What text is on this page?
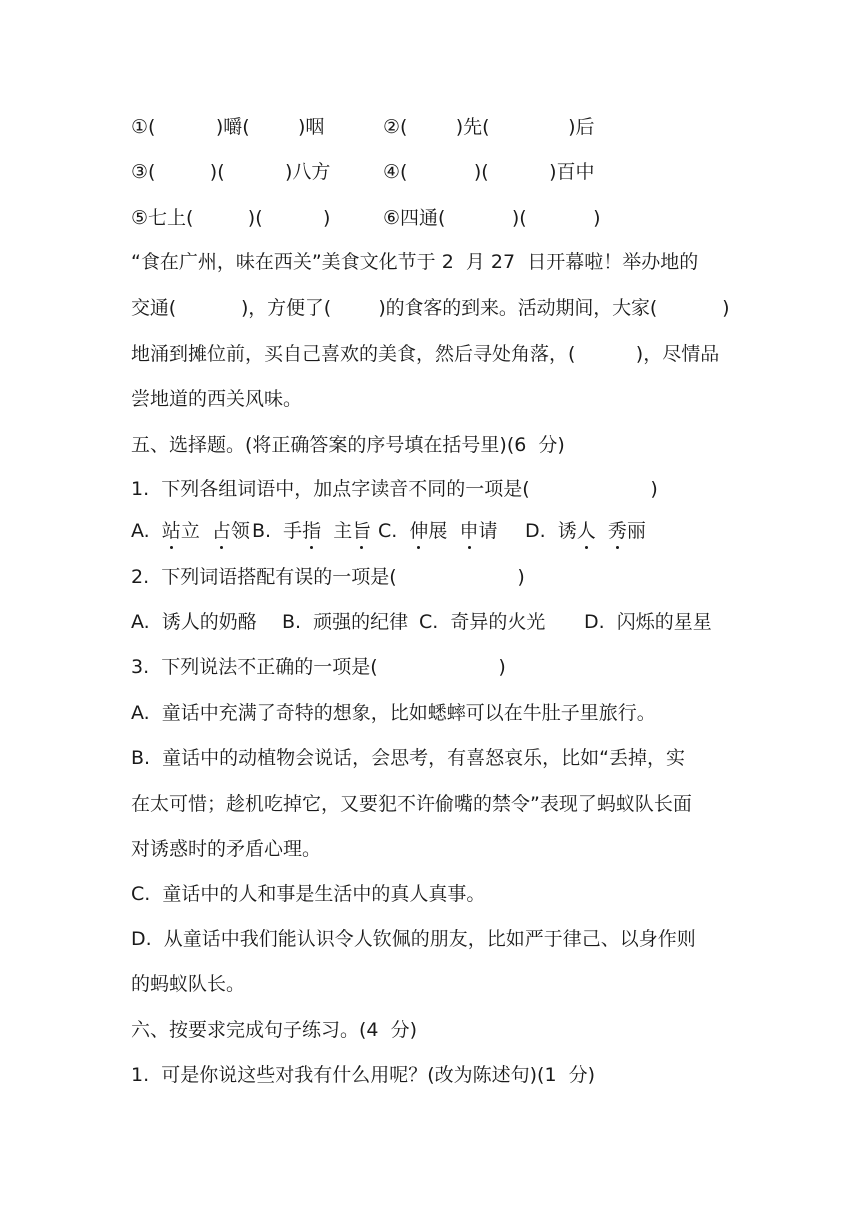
①(          )嚼(        )咽	②(        )先(             )后
③(         )(          )八方	④(           )(          )百中
⑤七上(         )(          )	⑥四通(           )(           )
“食在广州，味在西关”美食文化节于 2  月 27  日开幕啦！举办地的
交通(           )，方便了(        )的食客的到来。活动期间，大家(           )
地涌到摊位前，买自己喜欢的美食，然后寻处角落，(          )，尽情品
尝地道的西关风味。
五、选择题。(将正确答案的序号填在括号里)(6  分)
1.  下列各组词语中，加点字读音不同的一项是(                    )
A.  站立  占领 B.  手指  主旨 C.  伸展  申请 D.  诱人 秀丽
2.  下列词语搭配有误的一项是(                    )
A.  诱人的奶酪 B.  顽强的纪律 C.  奇异的火光 D.  闪烁的星星
3.  下列说法不正确的一项是(                    )
A.  童话中充满了奇特的想象，比如蟋蟀可以在牛肚子里旅行。
B.  童话中的动植物会说话，会思考，有喜怒哀乐，比如“丢掉，实
在太可惜；趁机吃掉它，又要犯不许偷嘴的禁令”表现了蚂蚁队长面
对诱惑时的矛盾心理。
C.  童话中的人和事是生活中的真人真事。
D.  从童话中我们能认识令人钦佩的朋友，比如严于律己、以身作则
的蚂蚁队长。
六、按要求完成句子练习。(4  分)
1.  可是你说这些对我有什么用呢？(改为陈述句)(1  分)
